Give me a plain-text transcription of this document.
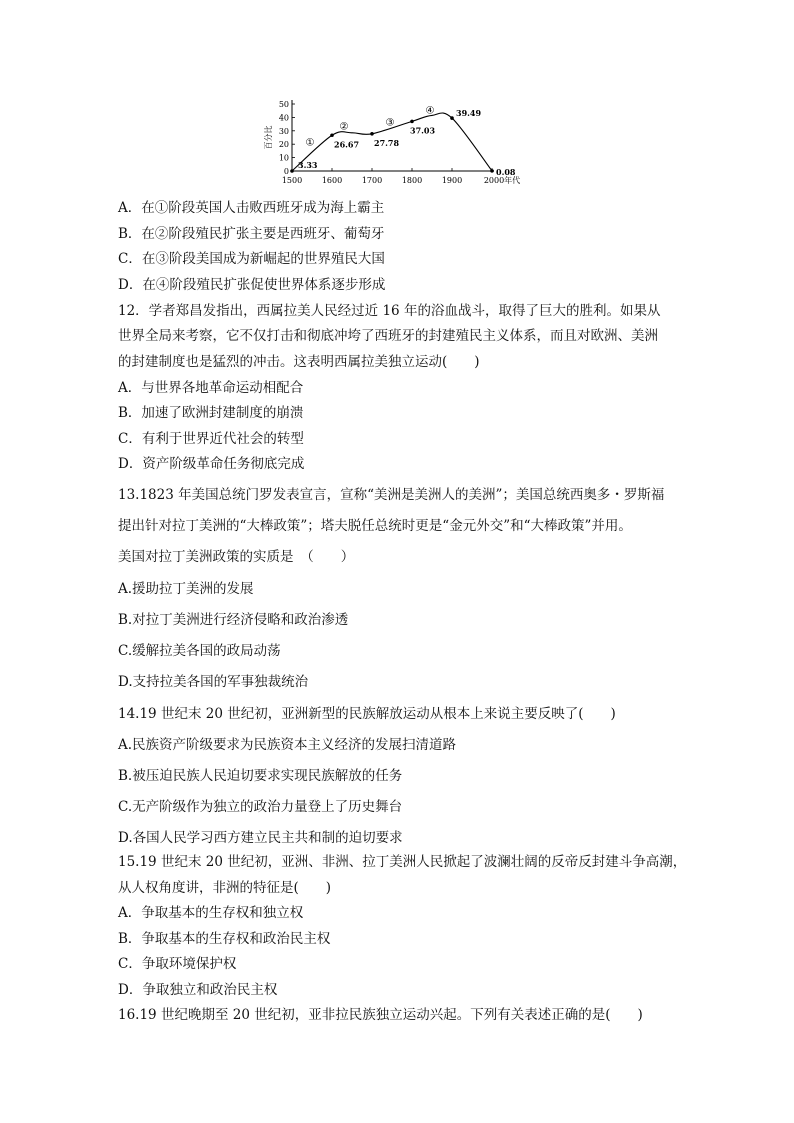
0
10
20
30
40
50
1500 1600 1700 1800 1900	2000年代
百分比
3.33
26.67 27.78
37.03
39.49
0.08
①
②	③
④
A．在①阶段英国人击败西班牙成为海上霸主
B．在②阶段殖民扩张主要是西班牙、葡萄牙
C．在③阶段美国成为新崛起的世界殖民大国
D．在④阶段殖民扩张促使世界体系逐步形成
12．学者郑昌发指出，西属拉美人民经过近 16 年的浴血战斗，取得了巨大的胜利。如果从
世界全局来考察，它不仅打击和彻底冲垮了西班牙的封建殖民主义体系，而且对欧洲、美洲
的封建制度也是猛烈的冲击。这表明西属拉美独立运动(　　)
A．与世界各地革命运动相配合
B．加速了欧洲封建制度的崩溃
C．有利于世界近代社会的转型
D．资产阶级革命任务彻底完成
13.1823 年美国总统门罗发表宣言，宣称“美洲是美洲人的美洲”；美国总统西奥多・罗斯福
提出针对拉丁美洲的“大棒政策”；塔夫脱任总统时更是“金元外交”和“大棒政策”并用。
美国对拉丁美洲政策的实质是　（　　）
A.援助拉丁美洲的发展
B.对拉丁美洲进行经济侵略和政治渗透
C.缓解拉美各国的政局动荡
D.支持拉美各国的军事独裁统治
14.19 世纪末 20 世纪初，亚洲新型的民族解放运动从根本上来说主要反映了(　　)
A.民族资产阶级要求为民族资本主义经济的发展扫清道路
B.被压迫民族人民迫切要求实现民族解放的任务
C.无产阶级作为独立的政治力量登上了历史舞台
D.各国人民学习西方建立民主共和制的迫切要求
15.19 世纪末 20 世纪初，亚洲、非洲、拉丁美洲人民掀起了波澜壮阔的反帝反封建斗争高潮，
从人权角度讲，非洲的特征是(　　)
A．争取基本的生存权和独立权
B．争取基本的生存权和政治民主权
C．争取环境保护权
D．争取独立和政治民主权
16.19 世纪晚期至 20 世纪初，亚非拉民族独立运动兴起。下列有关表述正确的是(　　)
